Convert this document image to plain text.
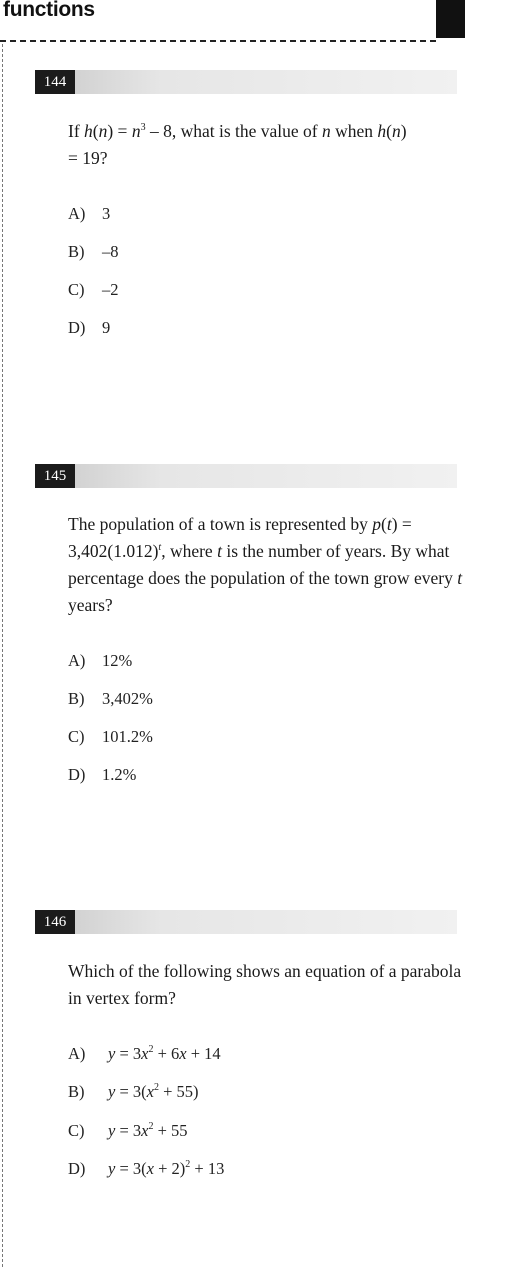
functions
144
If $h(n) = n^3 - 8$, what is the value of n when h(n)
= 19?
A) 3
B) –8
C) –2
D) 9
145
The population of a town is represented by $p(t) = 3,402(1.012)^t$, where t is the number of years. By what percentage does the population of the town grow every t years?
A) 12%
B) 3,402%
C) 101.2%
D) 1.2%
146
Which of the following shows an equation of a parabola in vertex form?
A) $y = 3x^2 + 6x + 14$
B) $y = 3(x^2 + 55)$
C) $y = 3x^2 + 55$
D) $y = 3(x + 2)^2 + 13$
